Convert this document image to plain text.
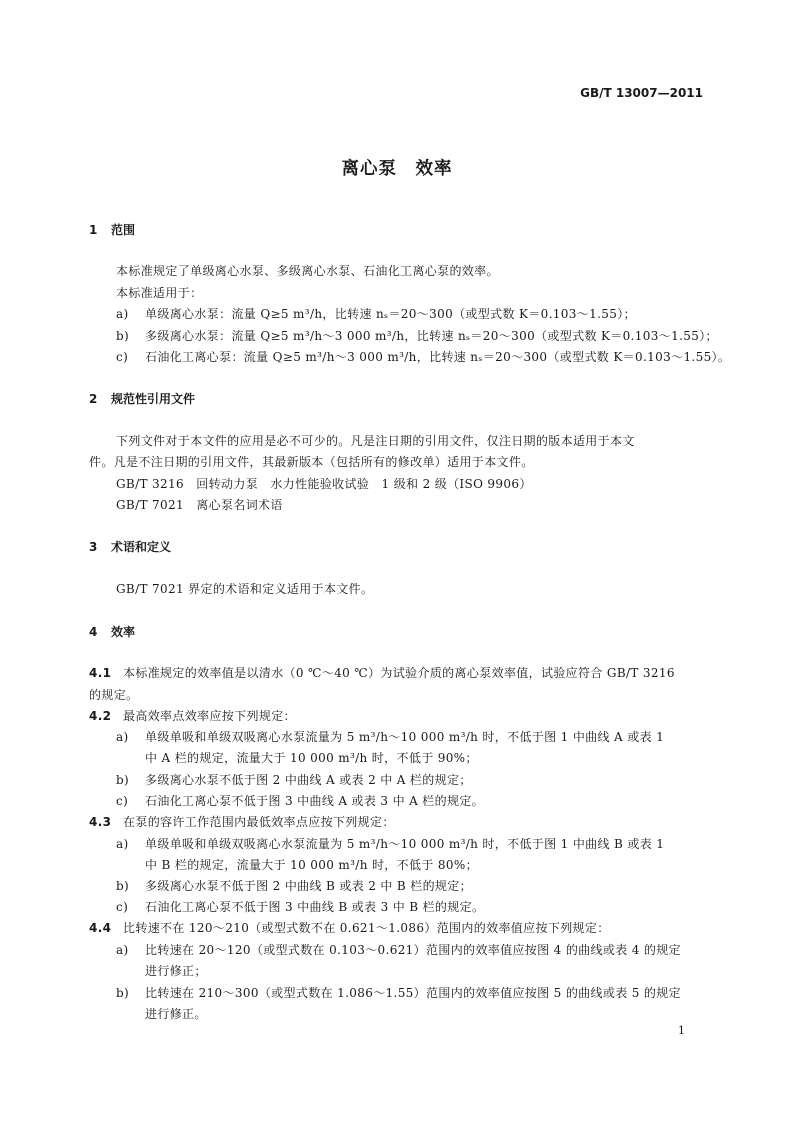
GB/T 13007—2011
离心泵　效率
1 范围
本标准规定了单级离心水泵、多级离心水泵、石油化工离心泵的效率。
本标准适用于：
a) 单级离心水泵：流量 Q≥5 m³/h，比转速 nₛ＝20～300（或型式数 K＝0.103～1.55）；
b) 多级离心水泵：流量 Q≥5 m³/h～3 000 m³/h，比转速 nₛ＝20～300（或型式数 K＝0.103～1.55）；
c) 石油化工离心泵：流量 Q≥5 m³/h～3 000 m³/h，比转速 nₛ＝20～300（或型式数 K＝0.103～1.55）。
2 规范性引用文件
下列文件对于本文件的应用是必不可少的。凡是注日期的引用文件，仅注日期的版本适用于本文
件。凡是不注日期的引用文件，其最新版本（包括所有的修改单）适用于本文件。
GB/T 3216　回转动力泵　水力性能验收试验　1 级和 2 级（ISO 9906）
GB/T 7021　离心泵名词术语
3 术语和定义
GB/T 7021 界定的术语和定义适用于本文件。
4 效率
4.1 本标准规定的效率值是以清水（0 ℃～40 ℃）为试验介质的离心泵效率值，试验应符合 GB/T 3216
的规定。
4.2 最高效率点效率应按下列规定：
a) 单级单吸和单级双吸离心水泵流量为 5 m³/h～10 000 m³/h 时，不低于图 1 中曲线 A 或表 1
中 A 栏的规定，流量大于 10 000 m³/h 时，不低于 90%；
b) 多级离心水泵不低于图 2 中曲线 A 或表 2 中 A 栏的规定；
c) 石油化工离心泵不低于图 3 中曲线 A 或表 3 中 A 栏的规定。
4.3 在泵的容许工作范围内最低效率点应按下列规定：
a) 单级单吸和单级双吸离心水泵流量为 5 m³/h～10 000 m³/h 时，不低于图 1 中曲线 B 或表 1
中 B 栏的规定，流量大于 10 000 m³/h 时，不低于 80%；
b) 多级离心水泵不低于图 2 中曲线 B 或表 2 中 B 栏的规定；
c) 石油化工离心泵不低于图 3 中曲线 B 或表 3 中 B 栏的规定。
4.4 比转速不在 120～210（或型式数不在 0.621～1.086）范围内的效率值应按下列规定：
a) 比转速在 20～120（或型式数在 0.103～0.621）范围内的效率值应按图 4 的曲线或表 4 的规定
进行修正；
b) 比转速在 210～300（或型式数在 1.086～1.55）范围内的效率值应按图 5 的曲线或表 5 的规定
进行修正。
1
